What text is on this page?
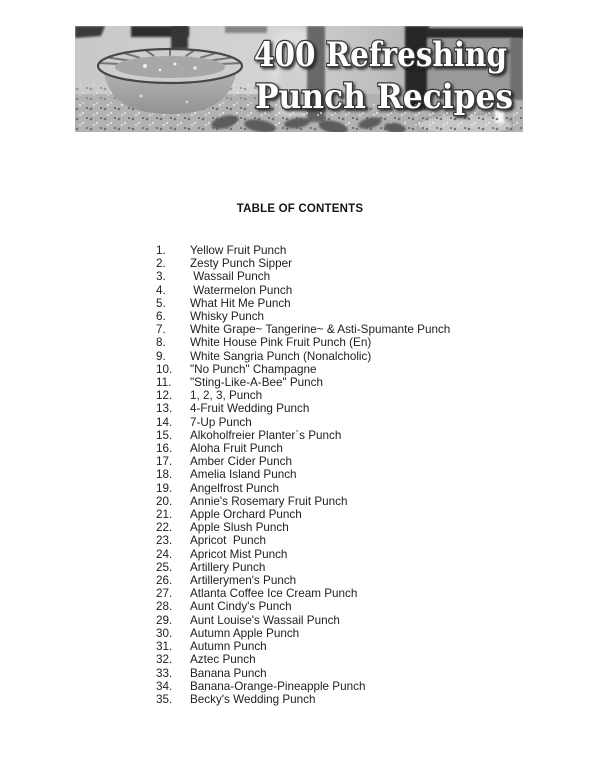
400 Refreshing
Punch Recipes
TABLE OF CONTENTS
1.	Yellow Fruit Punch
2.	Zesty Punch Sipper
3.	Wassail Punch
4.	Watermelon Punch
5.	What Hit Me Punch
6.	Whisky Punch
7.	White Grape~ Tangerine~ & Asti-Spumante Punch
8.	White House Pink Fruit Punch (En)
9.	White Sangria Punch (Nonalcholic)
10.	"No Punch" Champagne
11.	"Sting-Like-A-Bee" Punch
12.	1, 2, 3, Punch
13.	4-Fruit Wedding Punch
14.	7-Up Punch
15.	Alkoholfreier Planter`s Punch
16.	Aloha Fruit Punch
17.	Amber Cider Punch
18.	Amelia Island Punch
19.	Angelfrost Punch
20.	Annie's Rosemary Fruit Punch
21.	Apple Orchard Punch
22.	Apple Slush Punch
23.	Apricot  Punch
24.	Apricot Mist Punch
25.	Artillery Punch
26.	Artillerymen's Punch
27.	Atlanta Coffee Ice Cream Punch
28.	Aunt Cindy's Punch
29.	Aunt Louise's Wassail Punch
30.	Autumn Apple Punch
31.	Autumn Punch
32.	Aztec Punch
33.	Banana Punch
34.	Banana-Orange-Pineapple Punch
35.	Becky's Wedding Punch
